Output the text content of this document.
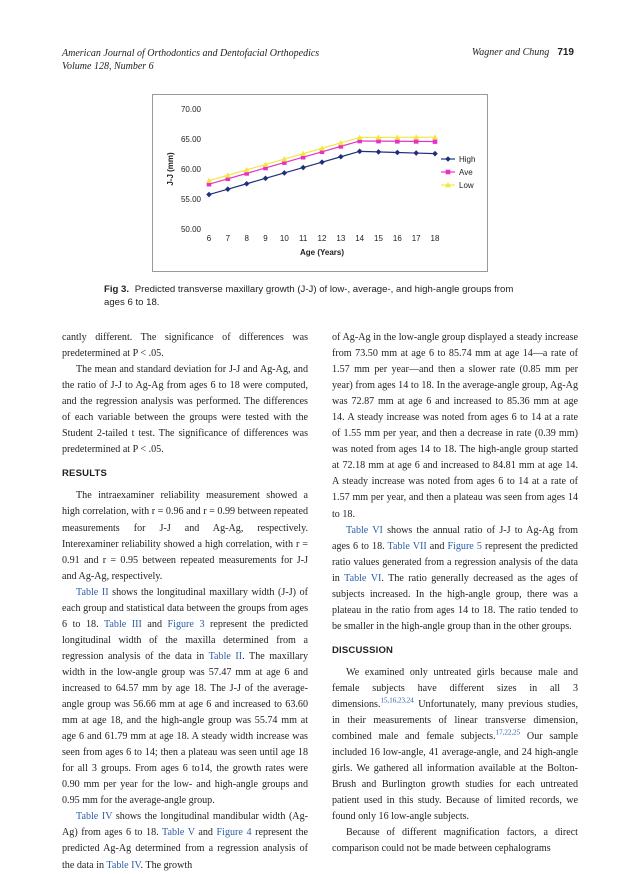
American Journal of Orthodontics and Dentofacial Orthopedics
Volume 128, Number 6
Wagner and Chung 719
50.00
55.00
60.00
65.00
70.00
6 7 8 9 10 11 12 13 14 15 16 17 18
Age (Years)
J-J (mm)	High
Ave
Low
Fig 3. Predicted transverse maxillary growth (J-J) of low-, average-, and high-angle groups from ages 6 to 18.

cantly different. The significance of differences was predetermined at P < .05.

The mean and standard deviation for J-J and Ag-Ag, and the ratio of J-J to Ag-Ag from ages 6 to 18 were computed, and the regression analysis was performed. The differences of each variable between the groups were tested with the Student 2-tailed t test. The significance of differences was predetermined at P < .05.

RESULTS

The intraexaminer reliability measurement showed a high correlation, with r = 0.96 and r = 0.99 between repeated measurements for J-J and Ag-Ag, respectively. Interexaminer reliability showed a high correlation, with r = 0.91 and r = 0.95 between repeated measurements for J-J and Ag-Ag, respectively.

Table II shows the longitudinal maxillary width (J-J) of each group and statistical data between the groups from ages 6 to 18. Table III and Figure 3 represent the predicted longitudinal width of the maxilla determined from a regression analysis of the data in Table II. The maxillary width in the low-angle group was 57.47 mm at age 6 and increased to 64.57 mm by age 18. The J-J of the average-angle group was 56.66 mm at age 6 and increased to 63.60 mm at age 18, and the high-angle group was 55.74 mm at age 6 and 61.79 mm at age 18. A steady width increase was seen from ages 6 to 14; then a plateau was seen until age 18 for all 3 groups. From ages 6 to14, the growth rates were 0.90 mm per year for the low- and high-angle groups and 0.95 mm for the average-angle group.

Table IV shows the longitudinal mandibular width (Ag-Ag) from ages 6 to 18. Table V and Figure 4 represent the predicted Ag-Ag determined from a regression analysis of the data in Table IV. The growth

of Ag-Ag in the low-angle group displayed a steady increase from 73.50 mm at age 6 to 85.74 mm at age 14—a rate of 1.57 mm per year—and then a slower rate (0.85 mm per year) from ages 14 to 18. In the average-angle group, Ag-Ag was 72.87 mm at age 6 and increased to 85.36 mm at age 14. A steady increase was noted from ages 6 to 14 at a rate of 1.55 mm per year, and then a decrease in rate (0.39 mm) was noted from ages 14 to 18. The high-angle group started at 72.18 mm at age 6 and increased to 84.81 mm at age 14. A steady increase was noted from ages 6 to 14 at a rate of 1.57 mm per year, and then a plateau was seen from ages 14 to 18.

Table VI shows the annual ratio of J-J to Ag-Ag from ages 6 to 18. Table VII and Figure 5 represent the predicted ratio values generated from a regression analysis of the data in Table VI. The ratio generally decreased as the ages of subjects increased. In the high-angle group, there was a plateau in the ratio from ages 14 to 18. The ratio tended to be smaller in the high-angle group than in the other groups.

DISCUSSION

We examined only untreated girls because male and female subjects have different sizes in all 3 dimensions.$^{15,16,23,24}$ Unfortunately, many previous studies, in their measurements of linear transverse dimension, combined male and female subjects.$^{17,22,25}$ Our sample included 16 low-angle, 41 average-angle, and 24 high-angle girls. We gathered all information available at the Bolton-Brush and Burlington growth studies for each untreated patient used in this study. Because of limited records, we found only 16 low-angle subjects.

Because of different magnification factors, a direct comparison could not be made between cephalograms
